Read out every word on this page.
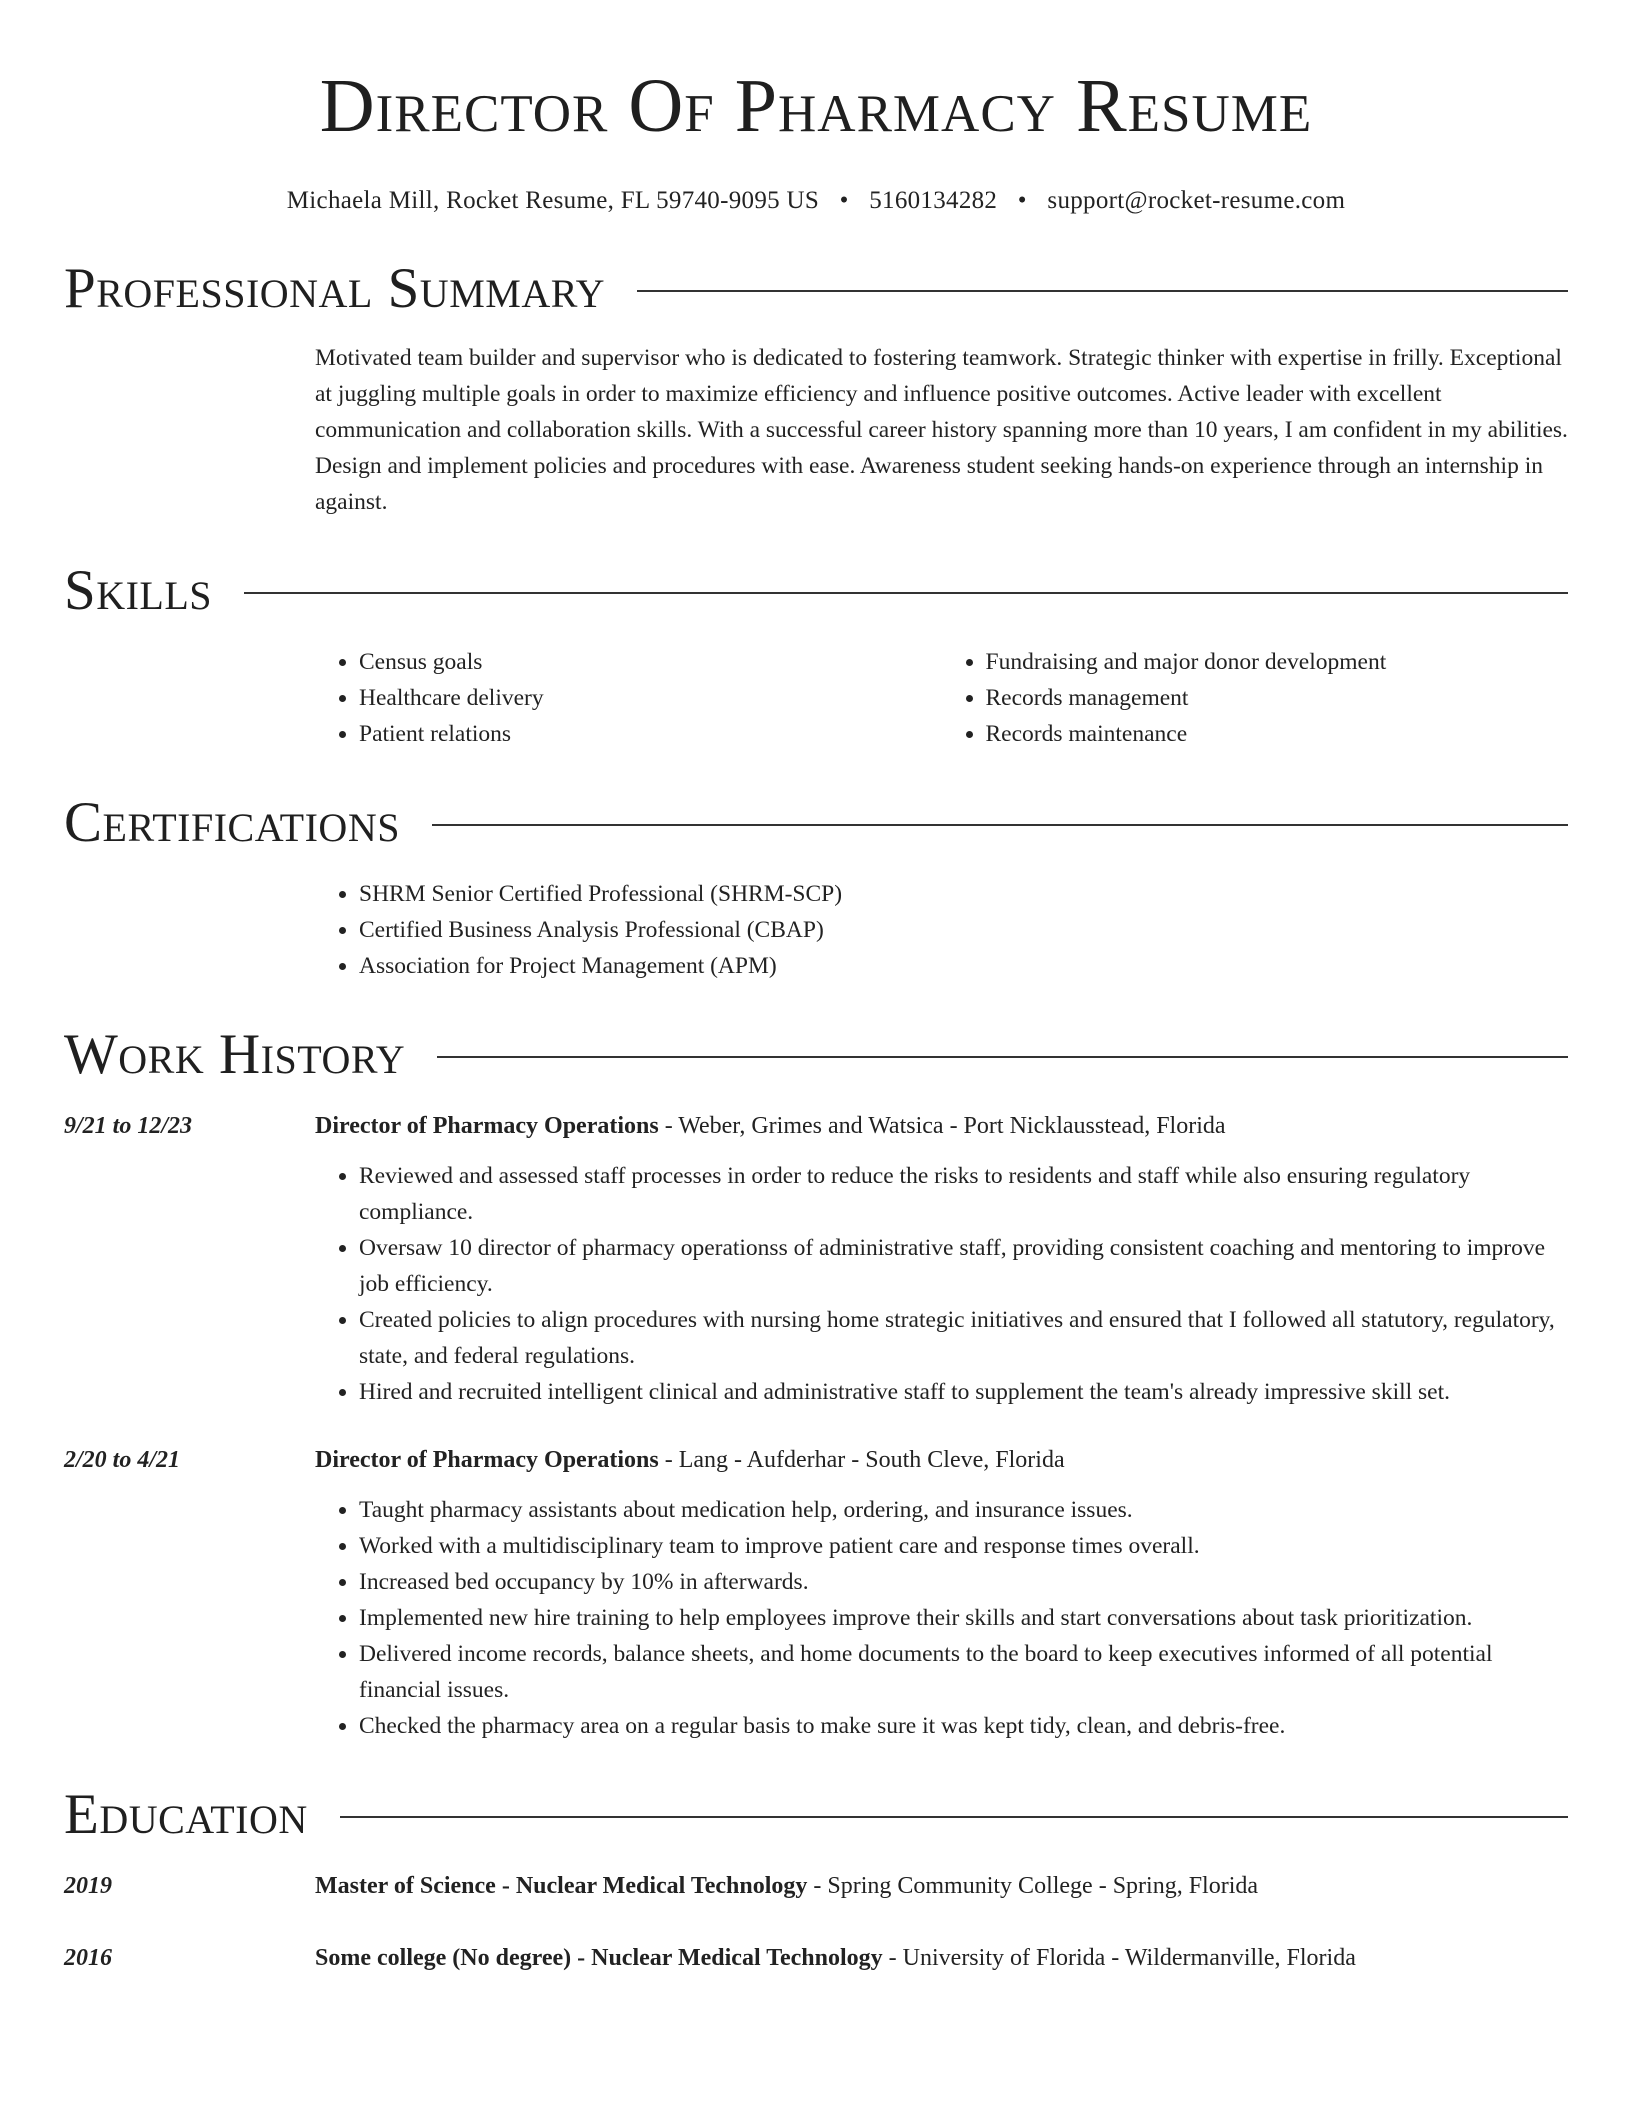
Director Of Pharmacy Resume
Michaela Mill, Rocket Resume, FL 59740-9095 US • 5160134282 • support@rocket-resume.com
Professional Summary
Motivated team builder and supervisor who is dedicated to fostering teamwork. Strategic thinker with expertise in frilly. Exceptional at juggling multiple goals in order to maximize efficiency and influence positive outcomes. Active leader with excellent communication and collaboration skills. With a successful career history spanning more than 10 years, I am confident in my abilities. Design and implement policies and procedures with ease. Awareness student seeking hands-on experience through an internship in against.
Skills
• Census goals
• Healthcare delivery
• Patient relations
• Fundraising and major donor development
• Records management
• Records maintenance
Certifications
• SHRM Senior Certified Professional (SHRM-SCP)
• Certified Business Analysis Professional (CBAP)
• Association for Project Management (APM)
Work History
9/21 to 12/23	Director of Pharmacy Operations - Weber, Grimes and Watsica - Port Nicklausstead, Florida
• Reviewed and assessed staff processes in order to reduce the risks to residents and staff while also ensuring regulatory compliance.
• Oversaw 10 director of pharmacy operationss of administrative staff, providing consistent coaching and mentoring to improve job efficiency.
• Created policies to align procedures with nursing home strategic initiatives and ensured that I followed all statutory, regulatory, state, and federal regulations.
• Hired and recruited intelligent clinical and administrative staff to supplement the team's already impressive skill set.
2/20 to 4/21	Director of Pharmacy Operations - Lang - Aufderhar - South Cleve, Florida
• Taught pharmacy assistants about medication help, ordering, and insurance issues.
• Worked with a multidisciplinary team to improve patient care and response times overall.
• Increased bed occupancy by 10% in afterwards.
• Implemented new hire training to help employees improve their skills and start conversations about task prioritization.
• Delivered income records, balance sheets, and home documents to the board to keep executives informed of all potential financial issues.
• Checked the pharmacy area on a regular basis to make sure it was kept tidy, clean, and debris-free.
Education
2019	Master of Science - Nuclear Medical Technology - Spring Community College - Spring, Florida
2016	Some college (No degree) - Nuclear Medical Technology - University of Florida - Wildermanville, Florida
